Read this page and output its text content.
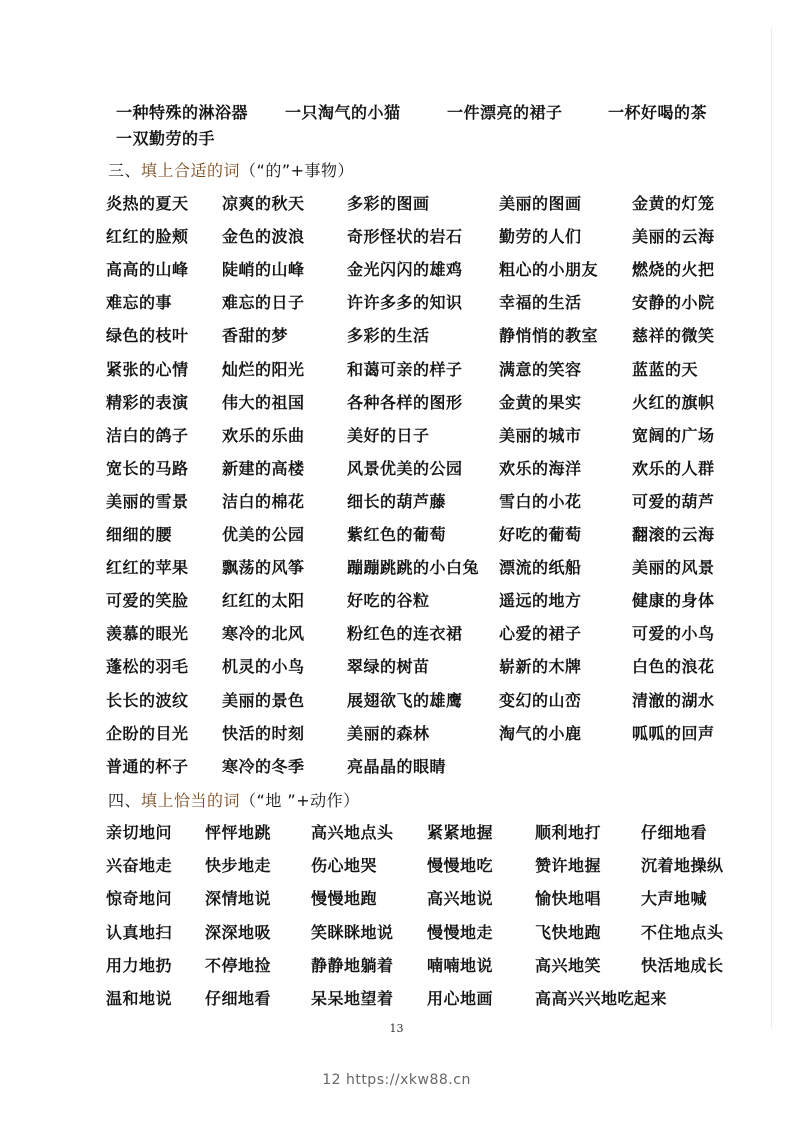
一种特殊的淋浴器 一只淘气的小猫	一件漂亮的裙子	一杯好喝的茶
一双勤劳的手
三、填上合适的词（“的”+事物）
炎热的夏天 凉爽的秋天	多彩的图画	美丽的图画	金黄的灯笼
红红的脸颊 金色的波浪	奇形怪状的岩石 勤劳的人们	美丽的云海
高高的山峰 陡峭的山峰	金光闪闪的雄鸡 粗心的小朋友 燃烧的火把
难忘的事	难忘的日子	许许多多的知识 幸福的生活	安静的小院
绿色的枝叶 香甜的梦	多彩的生活	静悄悄的教室 慈祥的微笑
紧张的心情 灿烂的阳光	和蔼可亲的样子 满意的笑容	蓝蓝的天
精彩的表演 伟大的祖国	各种各样的图形 金黄的果实	火红的旗帜
洁白的鸽子 欢乐的乐曲	美好的日子	美丽的城市	宽阔的广场
宽长的马路 新建的高楼	风景优美的公园 欢乐的海洋	欢乐的人群
美丽的雪景 洁白的棉花	细长的葫芦藤	雪白的小花	可爱的葫芦
细细的腰	优美的公园	紫红色的葡萄	好吃的葡萄	翻滚的云海
红红的苹果 飘荡的风筝	蹦蹦跳跳的小白兔 漂流的纸船	美丽的风景
可爱的笑脸 红红的太阳	好吃的谷粒	遥远的地方	健康的身体
羡慕的眼光 寒冷的北风	粉红色的连衣裙 心爱的裙子	可爱的小鸟
蓬松的羽毛 机灵的小鸟	翠绿的树苗	崭新的木牌	白色的浪花
长长的波纹 美丽的景色	展翅欲飞的雄鹰 变幻的山峦	清澈的湖水
企盼的目光 快活的时刻	美丽的森林	淘气的小鹿	呱呱的回声
普通的杯子 寒冷的冬季	亮晶晶的眼睛
四、填上恰当的词（“地 ”+动作）
亲切地问 怦怦地跳 高兴地点头 紧紧地握	顺利地打 仔细地看
兴奋地走 快步地走 伤心地哭	慢慢地吃	赞许地握 沉着地操纵
惊奇地问 深情地说 慢慢地跑	高兴地说	愉快地唱 大声地喊
认真地扫 深深地吸 笑眯眯地说 慢慢地走	飞快地跑 不住地点头
用力地扔 不停地捡 静静地躺着 喃喃地说	高兴地笑 快活地成长
温和地说 仔细地看 呆呆地望着 用心地画	高高兴兴地吃起来
13
12 https://xkw88.cn
